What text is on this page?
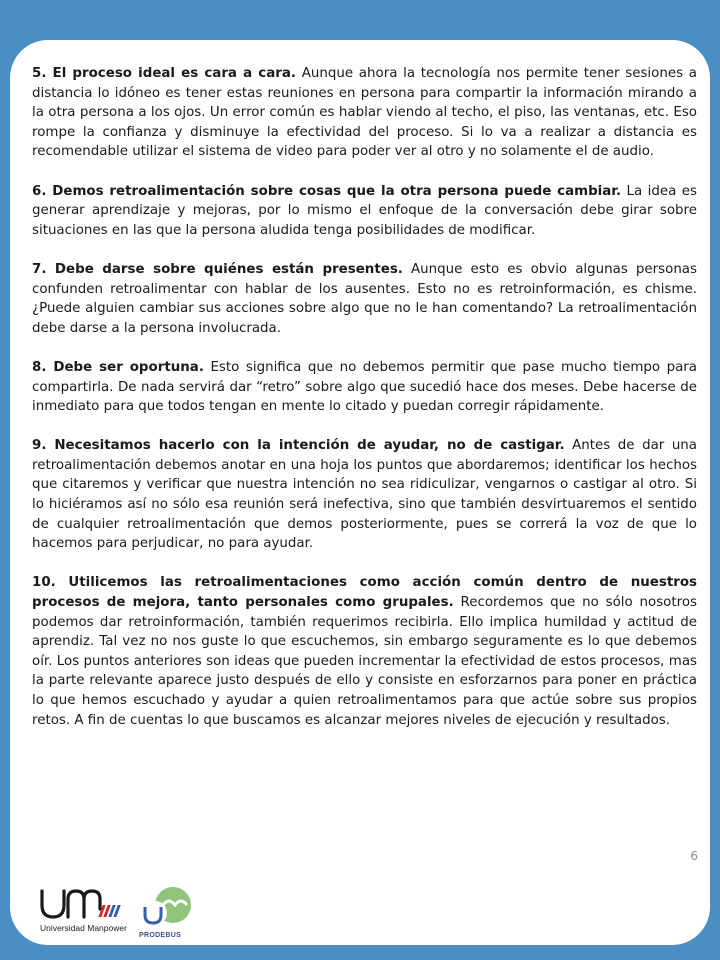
5. El proceso ideal es cara a cara. Aunque ahora la tecnología nos permite tener sesiones a distancia lo idóneo es tener estas reuniones en persona para compartir la información mirando a la otra persona a los ojos. Un error común es hablar viendo al techo, el piso, las ventanas, etc. Eso rompe la confianza y disminuye la efectividad del proceso. Si lo va a realizar a distancia es recomendable utilizar el sistema de video para poder ver al otro y no solamente el de audio.

6. Demos retroalimentación sobre cosas que la otra persona puede cambiar. La idea es generar aprendizaje y mejoras, por lo mismo el enfoque de la conversación debe girar sobre situaciones en las que la persona aludida tenga posibilidades de modificar.

7. Debe darse sobre quiénes están presentes. Aunque esto es obvio algunas personas confunden retroalimentar con hablar de los ausentes. Esto no es retroinformación, es chisme. ¿Puede alguien cambiar sus acciones sobre algo que no le han comentando? La retroalimentación debe darse a la persona involucrada.

8. Debe ser oportuna. Esto significa que no debemos permitir que pase mucho tiempo para compartirla. De nada servirá dar “retro” sobre algo que sucedió hace dos meses. Debe hacerse de inmediato para que todos tengan en mente lo citado y puedan corregir rápidamente.

9. Necesitamos hacerlo con la intención de ayudar, no de castigar. Antes de dar una retroalimentación debemos anotar en una hoja los puntos que abordaremos; identificar los hechos que citaremos y verificar que nuestra intención no sea ridiculizar, vengarnos o castigar al otro. Si lo hiciéramos así no sólo esa reunión será inefectiva, sino que también desvirtuaremos el sentido de cualquier retroalimentación que demos posteriormente, pues se correrá la voz de que lo hacemos para perjudicar, no para ayudar.

10. Utilicemos las retroalimentaciones como acción común dentro de nuestros procesos de mejora, tanto personales como grupales. Recordemos que no sólo nosotros podemos dar retroinformación, también requerimos recibirla. Ello implica humildad y actitud de aprendiz. Tal vez no nos guste lo que escuchemos, sin embargo seguramente es lo que debemos oír. Los puntos anteriores son ideas que pueden incrementar la efectividad de estos procesos, mas la parte relevante aparece justo después de ello y consiste en esforzarnos para poner en práctica lo que hemos escuchado y ayudar a quien retroalimentamos para que actúe sobre sus propios retos. A fin de cuentas lo que buscamos es alcanzar mejores niveles de ejecución y resultados.

6
Universidad Manpower
PRODEBUS
